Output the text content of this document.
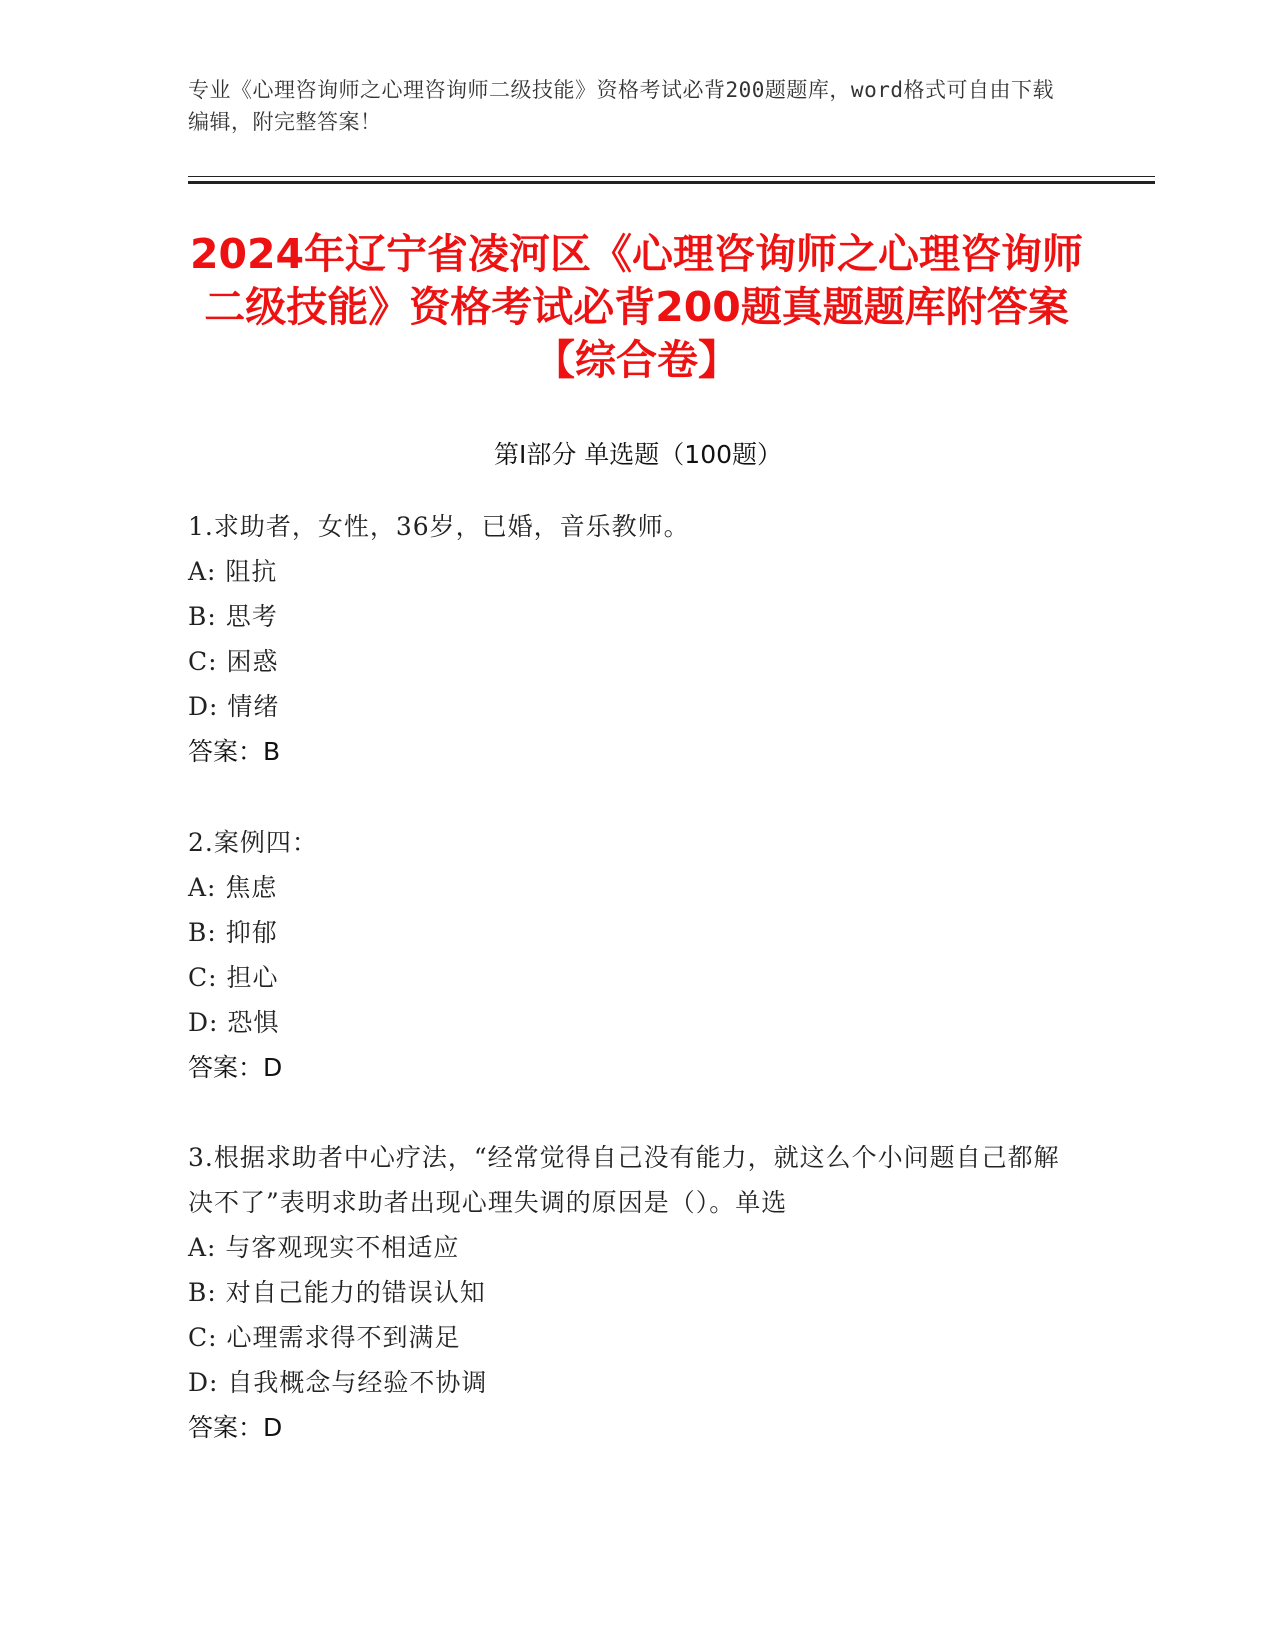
专业《心理咨询师之心理咨询师二级技能》资格考试必背200题题库，word格式可自由下载编辑，附完整答案！
2024年辽宁省凌河区《心理咨询师之心理咨询师二级技能》资格考试必背200题真题题库附答案【综合卷】
第I部分 单选题（100题）
1.求助者，女性，36岁，已婚，音乐教师。
A: 阻抗
B: 思考
C: 困惑
D: 情绪
答案：B
2.案例四：
A: 焦虑
B: 抑郁
C: 担心
D: 恐惧
答案：D
3.根据求助者中心疗法，“经常觉得自己没有能力，就这么个小问题自己都解决不了”表明求助者出现心理失调的原因是（）。单选
A: 与客观现实不相适应
B: 对自己能力的错误认知
C: 心理需求得不到满足
D: 自我概念与经验不协调
答案：D
